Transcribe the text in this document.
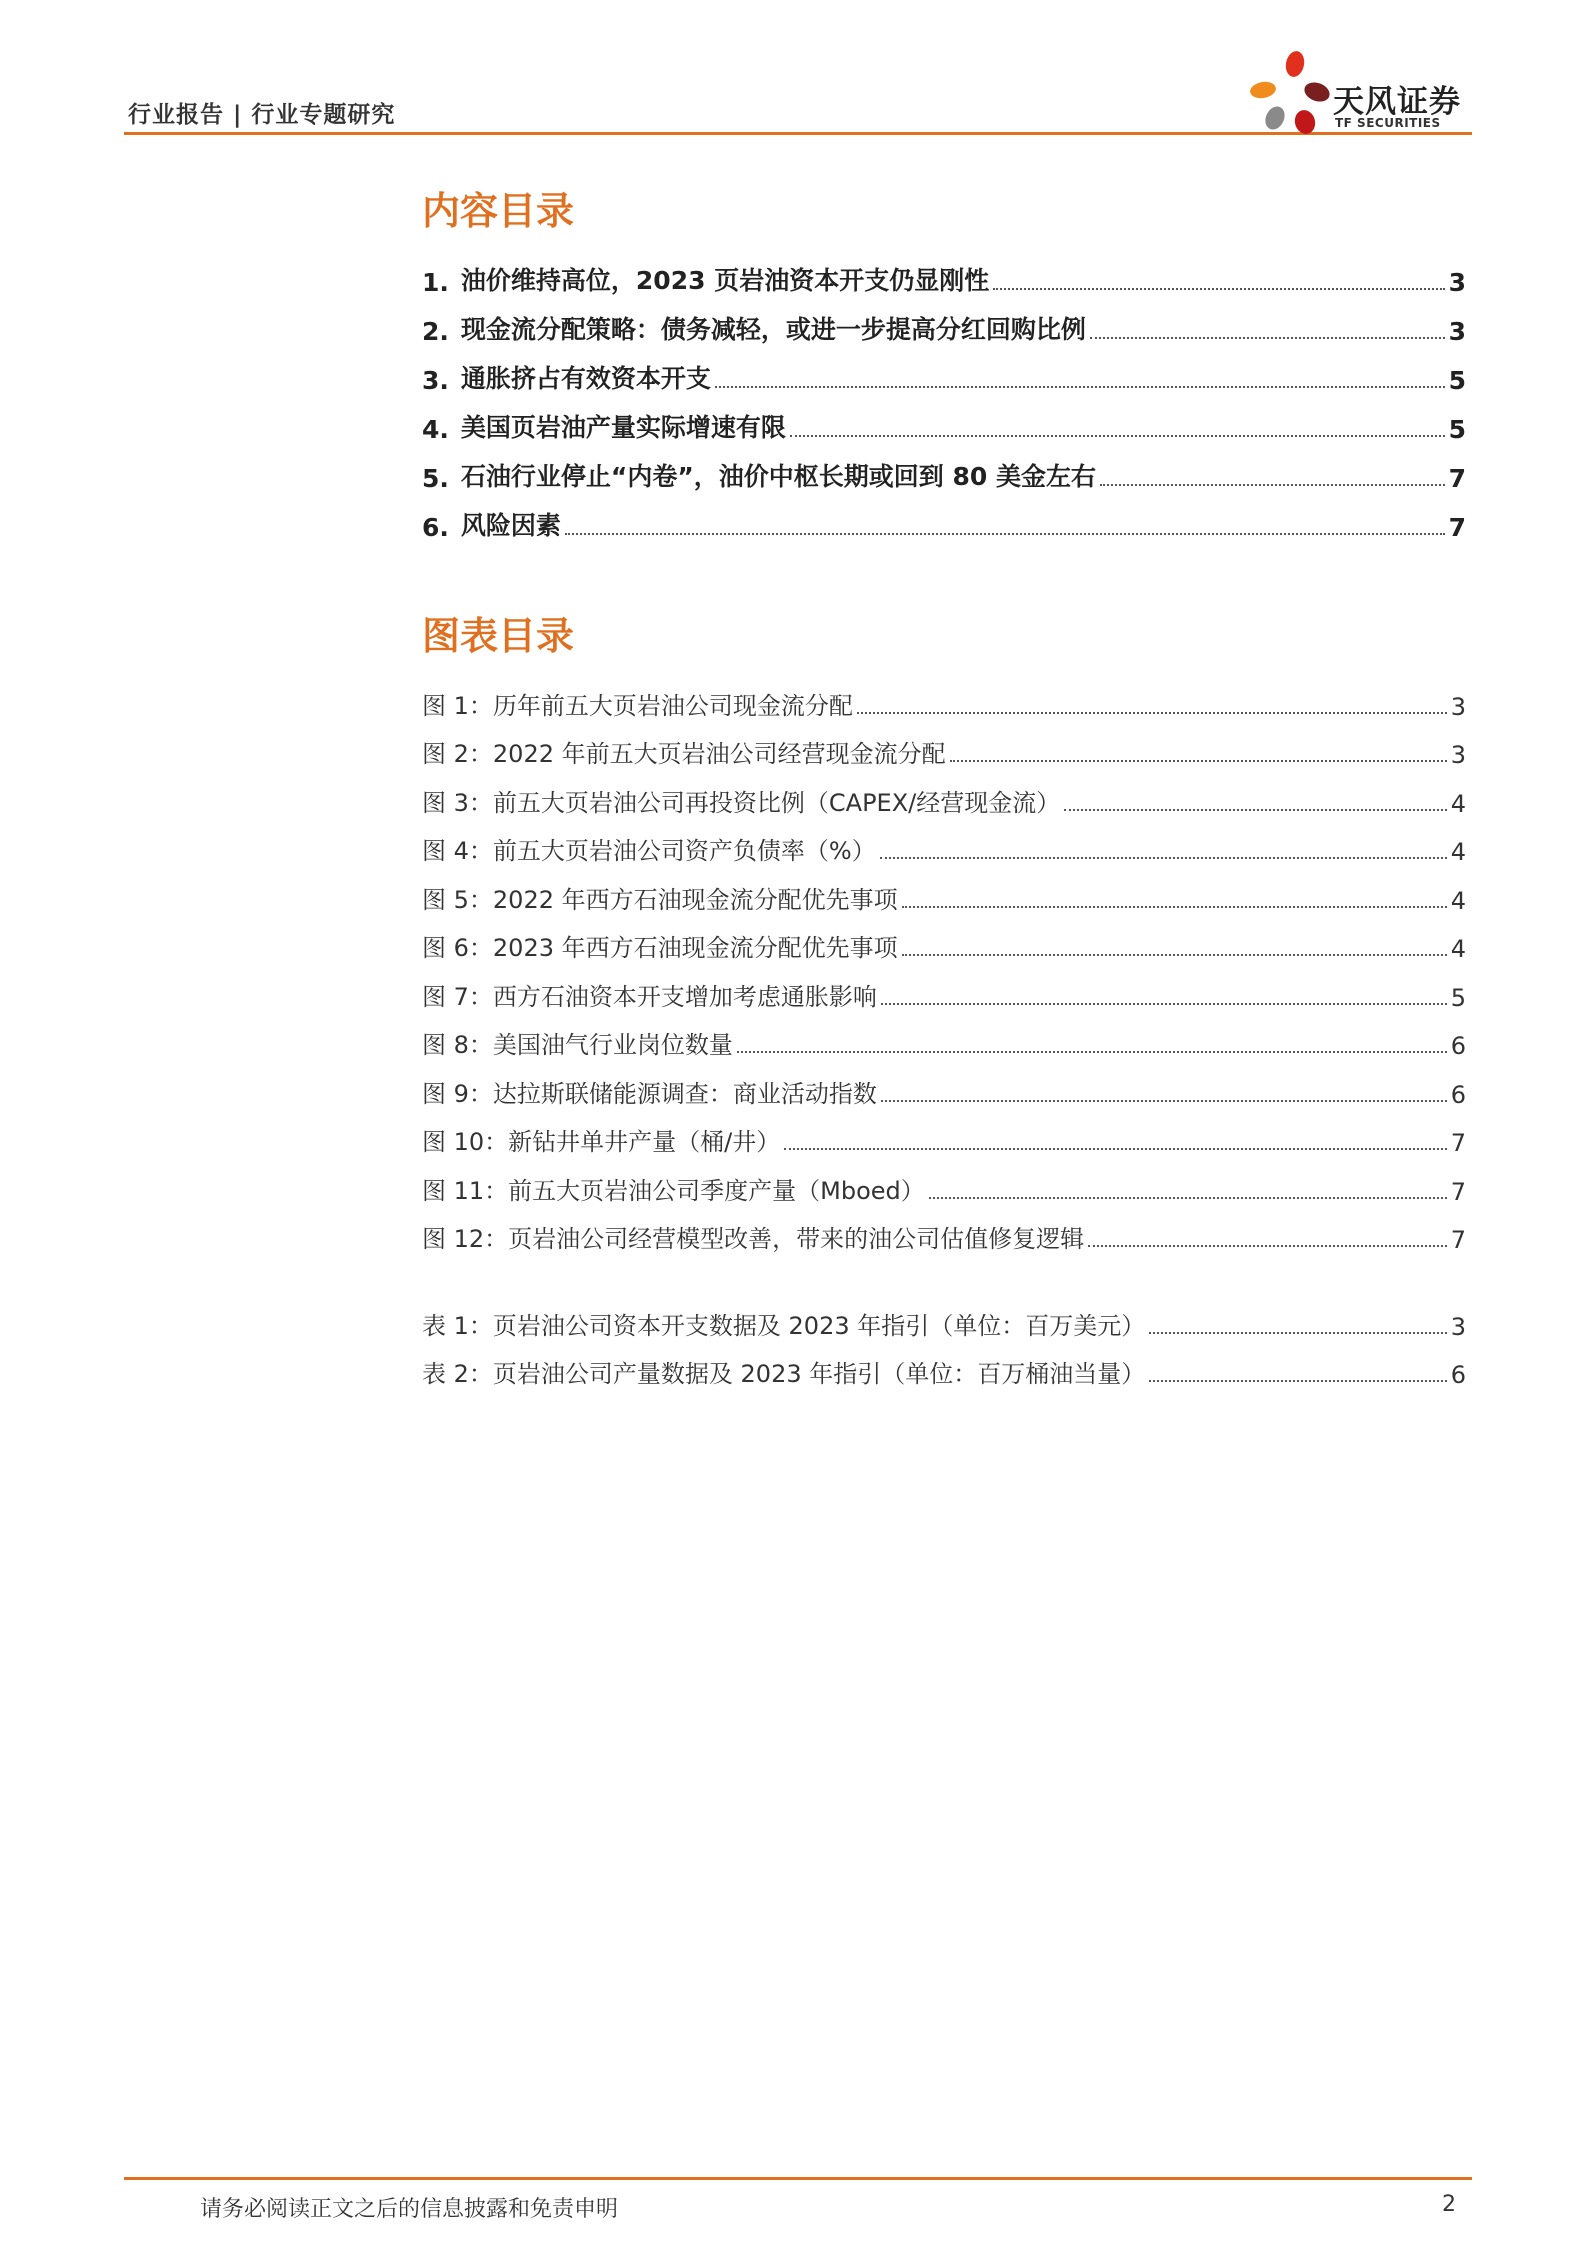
行业报告 | 行业专题研究	天风证券
TF SECURITIES
内容目录
1. 油价维持高位，2023 页岩油资本开支仍显刚性	3
2. 现金流分配策略：债务减轻，或进一步提高分红回购比例	3
3. 通胀挤占有效资本开支	5
4. 美国页岩油产量实际增速有限	5
5. 石油行业停止“内卷”，油价中枢长期或回到 80 美金左右	7
6. 风险因素	7
图表目录
图 1： 历年前五大页岩油公司现金流分配	3
图 2： 2022 年前五大页岩油公司经营现金流分配	3
图 3： 前五大页岩油公司再投资比例（CAPEX/经营现金流）	4
图 4： 前五大页岩油公司资产负债率（%）	4
图 5： 2022 年西方石油现金流分配优先事项	4
图 6： 2023 年西方石油现金流分配优先事项	4
图 7： 西方石油资本开支增加考虑通胀影响	5
图 8： 美国油气行业岗位数量	6
图 9： 达拉斯联储能源调查：商业活动指数	6
图 10： 新钻井单井产量（桶/井）	7
图 11： 前五大页岩油公司季度产量（Mboed）	7
图 12： 页岩油公司经营模型改善，带来的油公司估值修复逻辑	7
表 1： 页岩油公司资本开支数据及 2023 年指引（单位：百万美元）	3
表 2： 页岩油公司产量数据及 2023 年指引（单位：百万桶油当量）	6
请务必阅读正文之后的信息披露和免责申明	2
